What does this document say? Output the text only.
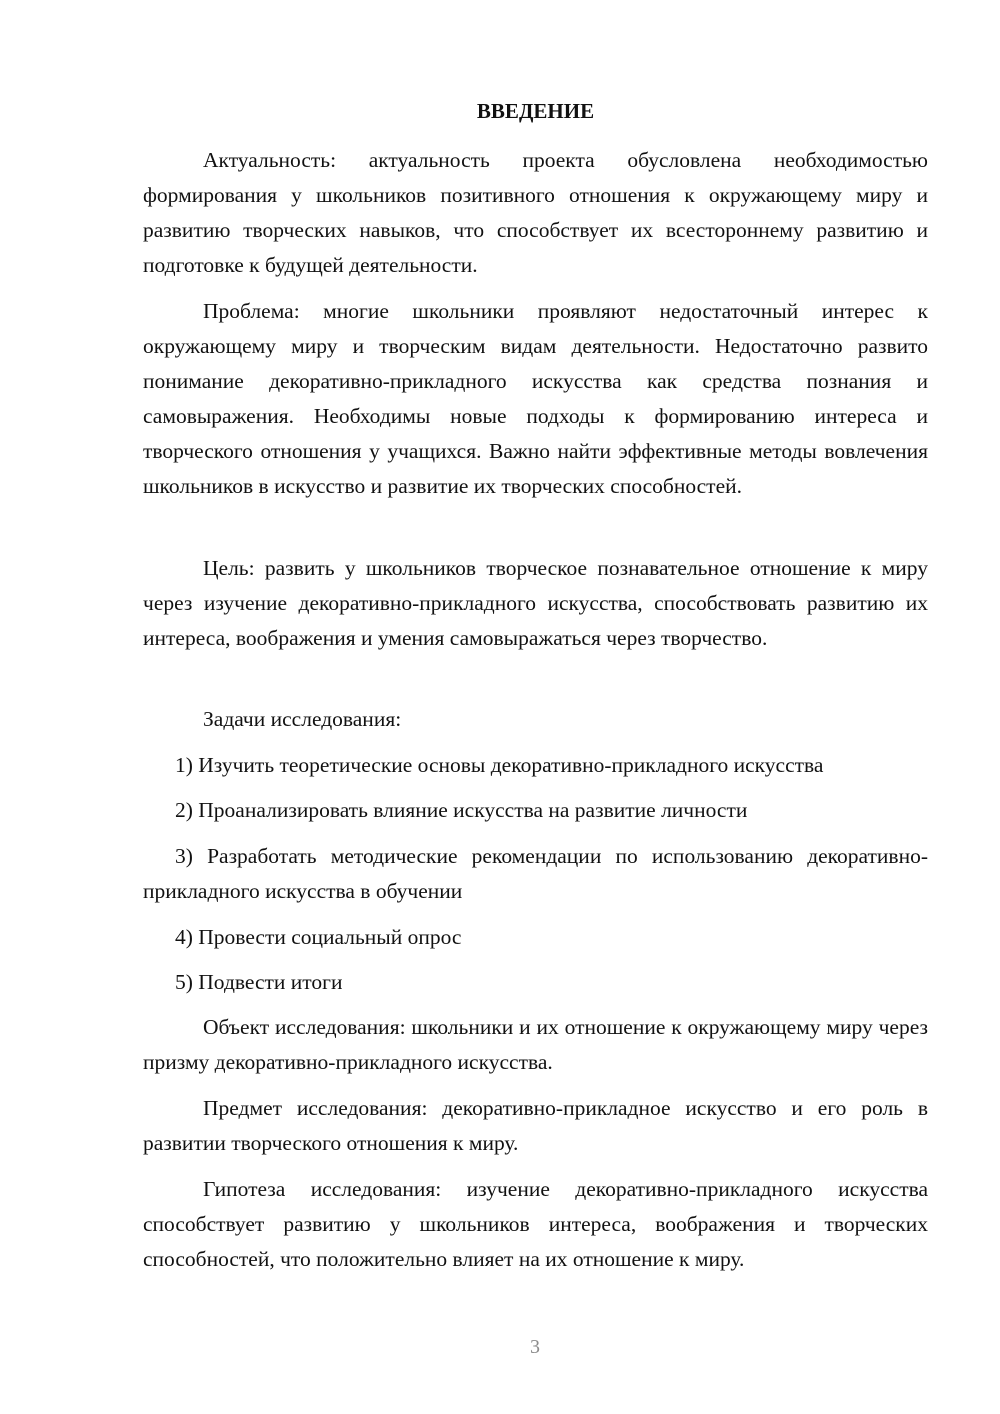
ВВЕДЕНИЕ

Актуальность: актуальность проекта обусловлена необходимостью формирования у школьников позитивного отношения к окружающему миру и развитию творческих навыков, что способствует их всестороннему развитию и подготовке к будущей деятельности.

Проблема: многие школьники проявляют недостаточный интерес к окружающему миру и творческим видам деятельности. Недостаточно развито понимание декоративно-прикладного искусства как средства познания и самовыражения. Необходимы новые подходы к формированию интереса и творческого отношения у учащихся. Важно найти эффективные методы вовлечения школьников в искусство и развитие их творческих способностей.

Цель: развить у школьников творческое познавательное отношение к миру через изучение декоративно-прикладного искусства, способствовать развитию их интереса, воображения и умения самовыражаться через творчество.

Задачи исследования:

1) Изучить теоретические основы декоративно-прикладного искусства

2) Проанализировать влияние искусства на развитие личности

3) Разработать методические рекомендации по использованию декоративно-прикладного искусства в обучении

4) Провести социальный опрос

5) Подвести итоги

Объект исследования: школьники и их отношение к окружающему миру через призму декоративно-прикладного искусства.

Предмет исследования: декоративно-прикладное искусство и его роль в развитии творческого отношения к миру.

Гипотеза исследования: изучение декоративно-прикладного искусства способствует развитию у школьников интереса, воображения и творческих способностей, что положительно влияет на их отношение к миру.

3
